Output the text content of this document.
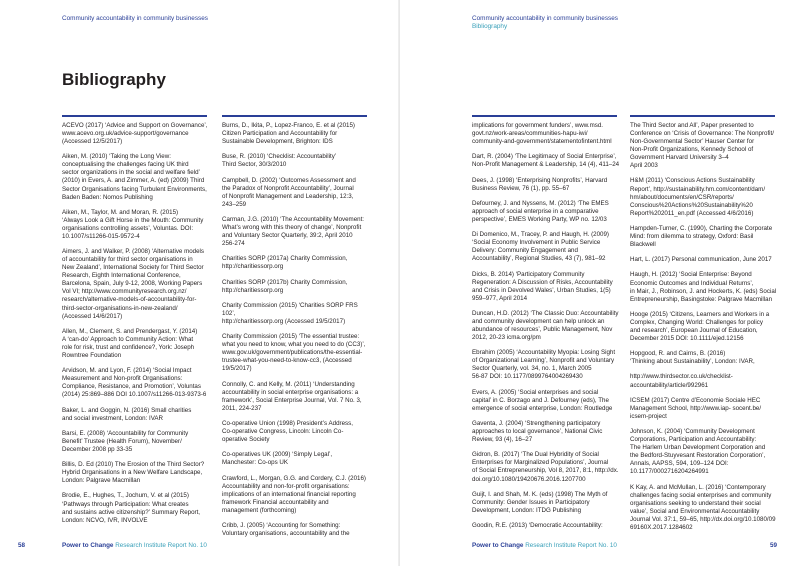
Community accountability in community businesses
Bibliography

ACEVO (2017) ‘Advice and Support on Governance’,
www.acevo.org.uk/advice-support/governance
(Accessed 12/5/2017)

Aiken, M. (2010) ‘Taking the Long View:
conceptualising the challenges facing UK third
sector organizations in the social and welfare field’
(2010) in Evers, A. and Zimmer, A. (ed) (2009) Third
Sector Organisations facing Turbulent Environments,
Baden Baden: Nomos Publishing

Aiken, M., Taylor, M. and Moran, R. (2015)
‘Always Look a Gift Horse in the Mouth: Community
organisations controlling assets’, Voluntas. DOI:
10.1007/s11266-015-9572-4

Aimers, J. and Walker, P. (2008) ‘Alternative models
of accountability for third sector organisations in
New Zealand’, International Society for Third Sector
Research, Eighth International Conference,
Barcelona, Spain, July 9-12, 2008, Working Papers
Vol VI; http://www.communityresearch.org.nz/
research/alternative-models-of-accountability-for-
third-sector-organisations-in-new-zealand/
(Accessed 14/6/2017)

Allen, M., Clement, S. and Prendergast, Y. (2014)
A ‘can-do’ Approach to Community Action: What
role for risk, trust and confidence?, York: Joseph
Rowntree Foundation

Arvidson, M. and Lyon, F. (2014) ‘Social Impact
Measurement and Non-profit Organisations:
Compliance, Resistance, and Promotion’, Voluntas
(2014) 25:869–886 DOI 10.1007/s11266-013-9373-6

Baker, L. and Goggin, N. (2016) Small charities
and social investment, London: IVAR

Barsi, E. (2008) ‘Accountability for Community
Benefit’ Trustee (Health Forum), November/
December 2008 pp 33-35

Billis, D. Ed (2010) The Erosion of the Third Sector?
Hybrid Organisations in a New Welfare Landscape,
London: Palgrave Macmillan

Brodie, E., Hughes, T., Jochum, V. et al (2015)
‘Pathways through Participation: What creates
and sustains active citizenship?’ Summary Report,
London: NCVO, IVR, INVOLVE

Burns, D., Ikita, P., Lopez-Franco, E. et al (2015)
Citizen Participation and Accountability for
Sustainable Development, Brighton: IDS

Buse, R. (2010) ‘Checklist: Accountability’
Third Sector, 30/3/2010

Campbell, D. (2002) ‘Outcomes Assessment and
the Paradox of Nonprofit Accountability’, Journal
of Nonprofit Management and Leadership, 12:3,
243–259

Carman, J.G. (2010) ‘The Accountability Movement:
What’s wrong with this theory of change’, Nonprofit
and Voluntary Sector Quarterly, 39:2, April 2010
256-274

Charities SORP (2017a) Charity Commission,
http://charitiessorp.org

Charities SORP (2017b) Charity Commission,
http://charitiessorp.org

Charity Commission (2015) ‘Charities SORP FRS 102’,
http://charitiessorp.org (Accessed 19/5/2017)

Charity Commission (2015) ‘The essential trustee:
what you need to know, what you need to do (CC3)’,
www.gov.uk/government/publications/the-essential-
trustee-what-you-need-to-know-cc3, (Accessed
19/5/2017)

Connolly, C. and Kelly, M. (2011) ‘Understanding
accountability in social enterprise organisations: a
framework’, Social Enterprise Journal, Vol. 7 No. 3,
2011, 224-237

Co-operative Union (1998) President’s Address,
Co-operative Congress, Lincoln: Lincoln Co-
operative Society

Co-operatives UK (2009) ‘Simply Legal’,
Manchester: Co-ops UK

Crawford, L., Morgan, G.G. and Cordery, C.J. (2016)
Accountability and non-for-profit organisations:
implications of an international financial reporting
framework Financial accountability and
management (forthcoming)

Cribb, J. (2005) ‘Accounting for Something:
Voluntary organisations, accountability and the

58	Power to Change Research Institute Report No. 10
Community accountability in community businesses
Bibliography

implications for government funders’, www.msd.
govt.nz/work-areas/communities-hapu-iwi/
community-and-government/statementofintent.html

Dart, R. (2004) ‘The Legitimacy of Social Enterprise’,
Non-Profit Management & Leadership, 14 (4), 411–24

Dees, J. (1998) ‘Enterprising Nonprofits’, Harvard
Business Review, 76 (1), pp. 55–67

Defourney, J. and Nyssens, M. (2012) ‘The EMES
approach of social enterprise in a comparative
perspective’, EMES Working Party, WP no. 12/03

Di Domenico, M., Tracey, P. and Haugh, H. (2009)
‘Social Economy Involvement in Public Service
Delivery: Community Engagement and
Accountability’, Regional Studies, 43 (7), 981–92

Dicks, B. 2014) ‘Participatory Community
Regeneration: A Discussion of Risks, Accountability
and Crisis in Devolved Wales’, Urban Studies, 1(5)
959–977, April 2014

Duncan, H.D. (2012) ‘The Classic Duo: Accountability
and community development can help unlock an
abundance of resources’, Public Management, Nov
2012, 20-23 icma.org/pm

Ebrahim (2005) ‘Accountability Myopia: Losing Sight
of Organizational Learning’, Nonprofit and Voluntary
Sector Quarterly, vol. 34, no. 1, March 2005
56-87 DOI: 10.1177/0899764004269430

Evers, A. (2005) ‘Social enterprises and social
capital’ in C. Borzago and J. Defourney (eds), The
emergence of social enterprise, London: Routledge

Gaventa, J. (2004) ‘Strengthening participatory
approaches to local governance’, National Civic
Review, 93 (4), 16–27

Gidron, B. (2017) ‘The Dual Hybridity of Social
Enterprises for Marginalized Populations’, Journal
of Social Entrepreneurship, Vol 8, 2017, 8:1, http://dx.
doi.org/10.1080/19420676.2016.1207700

Guijt, I. and Shah, M. K. (eds) (1998) The Myth of
Community: Gender Issues in Participatory
Development, London: ITDG Publishing

Goodin, R.E. (2013) ‘Democratic Accountability:

The Third Sector and All’, Paper presented to
Conference on ‘Crisis of Governance: The Nonprofit/
Non-Governmental Sector’ Hauser Center for
Non-Profit Organizations, Kennedy School of
Government Harvard University 3–4
April 2003

H&M (2011) ‘Conscious Actions Sustainability
Report’, http://sustainability.hm.com/content/dam/
hm/about/documents/en/CSR/reports/
Conscious%20Actions%20Sustainability%20
Report%202011_en.pdf (Accessed 4/6/2016)

Hampden-Turner, C. (1990), Charting the Corporate
Mind: from dilemma to strategy, Oxford: Basil
Blackwell

Hart, L. (2017) Personal communication, June 2017

Haugh, H. (2012) ‘Social Enterprise: Beyond
Economic Outcomes and Individual Returns’,
in Mair, J., Robinson, J. and Hockerts, K. (eds) Social
Entrepreneurship, Basingstoke: Palgrave Macmillan

Hooge (2015) ‘Citizens, Learners and Workers in a
Complex, Changing World: Challenges for policy
and research’, European Journal of Education,
December 2015 DOI: 10.1111/ejed.12156

Hopgood, R. and Cairns, B. (2016)
‘Thinking about Sustainability’, London: IVAR,

http://www.thirdsector.co.uk/checklist-
accountability/article/992961

ICSEM (2017) Centre d’Economie Sociale HEC
Management School, http://www.iap- socent.be/
icsem-project

Johnson, K. (2004) ‘Community Development
Corporations, Participation and Accountability:
The Harlem Urban Development Corporation and
the Bedford-Stuyvesant Restoration Corporation’,
Annals, AAPSS, 594, 109–124 DOI:
10.1177/0002716204264991

K Kay, A. and McMullan, L. (2016) ‘Contemporary
challenges facing social enterprises and community
organisations seeking to understand their social
value’, Social and Environmental Accountability
Journal Vol. 37:1, 59–65, http://dx.doi.org/10.1080/09
69160X.2017.1284602

Power to Change Research Institute Report No. 10	59
